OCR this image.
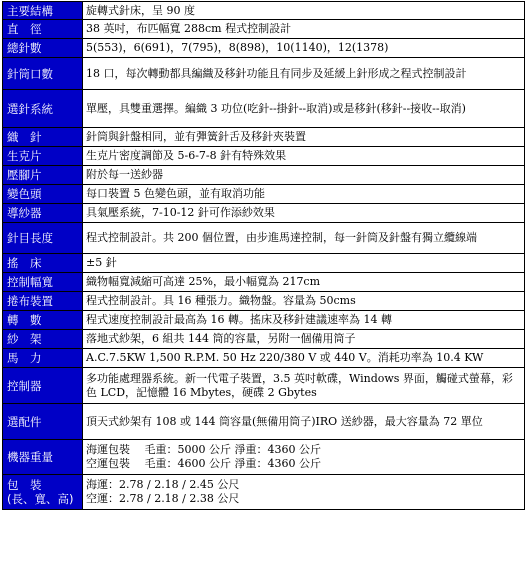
主要結構	旋轉式針床，呈 90 度

直　徑	38 英吋，布匹幅寬 288cm 程式控制設計

總針數	5(553)，6(691)，7(795)，8(898)，10(1140)，12(1378)

針筒口數	18 口，每次轉動都具編織及移針功能且有同步及延緩上針形成之程式控制設計

選針系統	單壓，具雙重選擇。編織 3 功位(吃針--掛針--取消)或是移針(移針--接收--取消)

織　針	針筒與針盤相同，並有彈簧針舌及移針夾裝置

生克片	生克片密度調節及 5-6-7-8 針有特殊效果

壓腳片	附於每一送紗器

變色頭	每口裝置 5 色變色頭，並有取消功能

導紗器	具氣壓系統，7-10-12 針可作添紗效果

針目長度	程式控制設計。共 200 個位置，由步進馬達控制，每一針筒及針盤有獨立纜線端

搖　床	±5 針

控制幅寬	織物幅寬減縮可高達 25%，最小幅寬為 217cm

捲布裝置	程式控制設計。具 16 種張力。織物盤。容量為 50cms

轉　數	程式速度控制設計最高為 16 轉。搖床及移針建議速率為 14 轉

紗　架	落地式紗架，6 組共 144 筒的容量，另附一個備用筒子

馬　力	A.C.7.5KW 1,500 R.P.M. 50 Hz 220/380 V 或 440 V。消耗功率為 10.4 KW

控制器	多功能處理器系統。新一代電子裝置，3.5 英吋軟碟，Windows 界面，觸碰式螢幕，彩色 LCD，記憶體 16 Mbytes，硬碟 2 Gbytes

選配件	頂天式紗架有 108 或 144 筒容量(無備用筒子)IRO 送紗器，最大容量為 72 單位

機器重量	海運包裝　 毛重：5000 公斤 淨重：4360 公斤
空運包裝　 毛重：4600 公斤 淨重：4360 公斤

包　裝
(長、寬、高)	海運：2.78 / 2.18 / 2.45 公尺
空運：2.78 / 2.18 / 2.38 公尺
